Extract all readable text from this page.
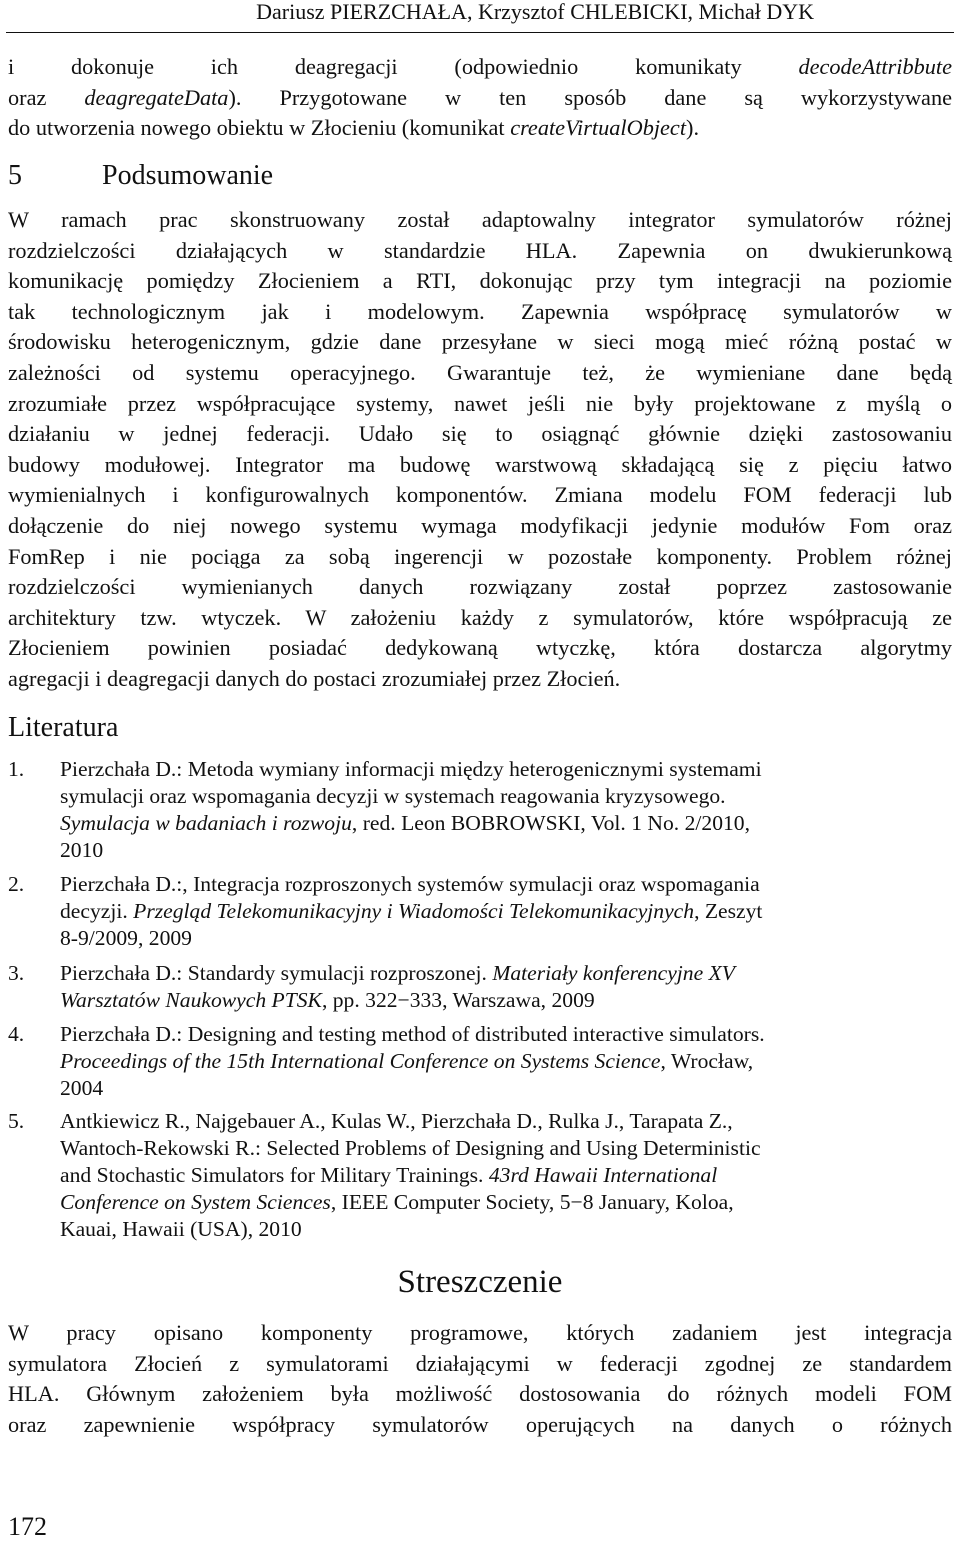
Dariusz PIERZCHAŁA, Krzysztof CHLEBICKI, Michał DYK
i dokonuje ich deagregacji (odpowiednio komunikaty decodeAttribbute
oraz deagregateData). Przygotowane w ten sposób dane są wykorzystywane
do utworzenia nowego obiektu w Złocieniu (komunikat createVirtualObject).
5	Podsumowanie
W ramach prac skonstruowany został adaptowalny integrator symulatorów różnej
rozdzielczości działających w standardzie HLA. Zapewnia on dwukierunkową
komunikację pomiędzy Złocieniem a RTI, dokonując przy tym integracji na poziomie
tak technologicznym jak i modelowym. Zapewnia współpracę symulatorów w
środowisku heterogenicznym, gdzie dane przesyłane w sieci mogą mieć różną postać w
zależności od systemu operacyjnego. Gwarantuje też, że wymieniane dane będą
zrozumiałe przez współpracujące systemy, nawet jeśli nie były projektowane z myślą o
działaniu w jednej federacji. Udało się to osiągnąć głównie dzięki zastosowaniu
budowy modułowej. Integrator ma budowę warstwową składającą się z pięciu łatwo
wymienialnych i konfigurowalnych komponentów. Zmiana modelu FOM federacji lub
dołączenie do niej nowego systemu wymaga modyfikacji jedynie modułów Fom oraz
FomRep i nie pociąga za sobą ingerencji w pozostałe komponenty. Problem różnej
rozdzielczości wymienianych danych rozwiązany został poprzez zastosowanie
architektury tzw. wtyczek. W założeniu każdy z symulatorów, które współpracują ze
Złocieniem powinien posiadać dedykowaną wtyczkę, która dostarcza algorytmy
agregacji i deagregacji danych do postaci zrozumiałej przez Złocień.
Literatura
1. Pierzchała D.: Metoda wymiany informacji między heterogenicznymi systemami
symulacji oraz wspomagania decyzji w systemach reagowania kryzysowego.
Symulacja w badaniach i rozwoju, red. Leon BOBROWSKI, Vol. 1 No. 2/2010,
2010
2. Pierzchała D.:, Integracja rozproszonych systemów symulacji oraz wspomagania
decyzji. Przegląd Telekomunikacyjny i Wiadomości Telekomunikacyjnych, Zeszyt
8-9/2009, 2009
3. Pierzchała D.: Standardy symulacji rozproszonej. Materiały konferencyjne XV
Warsztatów Naukowych PTSK, pp. 322−333, Warszawa, 2009
4. Pierzchała D.: Designing and testing method of distributed interactive simulators.
Proceedings of the 15th International Conference on Systems Science, Wrocław,
2004
5. Antkiewicz R., Najgebauer A., Kulas W., Pierzchała D., Rulka J., Tarapata Z.,
Wantoch-Rekowski R.: Selected Problems of Designing and Using Deterministic
and Stochastic Simulators for Military Trainings. 43rd Hawaii International
Conference on System Sciences, IEEE Computer Society, 5−8 January, Koloa,
Kauai, Hawaii (USA), 2010
Streszczenie
W pracy opisano komponenty programowe, których zadaniem jest integracja
symulatora Złocień z symulatorami działającymi w federacji zgodnej ze standardem
HLA. Głównym założeniem była możliwość dostosowania do różnych modeli FOM
oraz zapewnienie współpracy symulatorów operujących na danych o różnych
172
